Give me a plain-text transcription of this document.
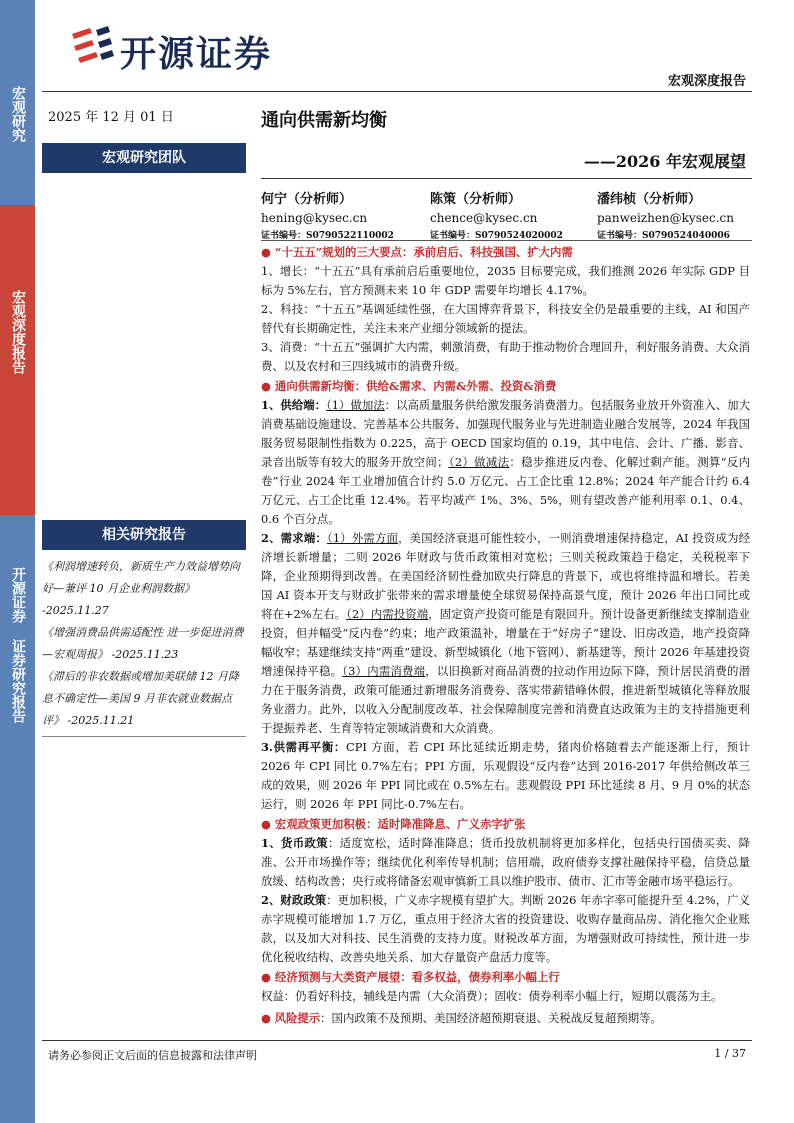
宏观研究
宏观深度报告
开源证券 证券研究报告
开源证券
宏观深度报告
2025 年 12 月 01 日
宏观研究团队
相关研究报告
《利润增速转负，新质生产力效益增势向好—兼评 10 月企业利润数据》
-2025.11.27
《增强消费品供需适配性 进一步促进消费—宏观周报》 -2025.11.23
《滞后的非农数据或增加美联储 12 月降息不确定性—美国 9 月非农就业数据点评》 -2025.11.21
通向供需新均衡
——2026 年宏观展望
何宁（分析师）
hening@kysec.cn
证书编号：S0790522110002
陈策（分析师）
chence@kysec.cn
证书编号：S0790524020002
潘纬桢（分析师）
panweizhen@kysec.cn
证书编号：S0790524040006

● “十五五”规划的三大要点：承前启后、科技强国、扩大内需

1、增长：“十五五”具有承前启后重要地位，2035 目标要完成，我们推测 2026 年实际 GDP 目标为 5%左右，官方预测未来 10 年 GDP 需要年均增长 4.17%。

2、科技：“十五五”基调延续性强，在大国博弈背景下，科技安全仍是最重要的主线，AI 和国产替代有长期确定性，关注未来产业细分领域新的提法。

3、消费：“十五五”强调扩大内需，刺激消费，有助于推动物价合理回升，利好服务消费、大众消费、以及农村和三四线城市的消费升级。

● 通向供需新均衡：供给&需求、内需&外需、投资&消费

1、供给端：（1）做加法：以高质量服务供给激发服务消费潜力。包括服务业放开外资准入、加大消费基础设施建设、完善基本公共服务、加强现代服务业与先进制造业融合发展等，2024 年我国服务贸易限制性指数为 0.225，高于 OECD 国家均值的 0.19，其中电信、会计、广播、影音、录音出版等有较大的服务开放空间；（2）做减法：稳步推进反内卷、化解过剩产能。测算“反内卷”行业 2024 年工业增加值合计约 5.0 万亿元、占工企比重 12.8%；2024 年产能合计约 6.4 万亿元、占工企比重 12.4%。若平均减产 1%、3%、5%，则有望改善产能利用率 0.1、0.4、0.6 个百分点。

2、需求端：（1）外需方面，美国经济衰退可能性较小，一则消费增速保持稳定，AI 投资成为经济增长新增量；二则 2026 年财政与货币政策相对宽松；三则关税政策趋于稳定，关税税率下降，企业预期得到改善。在美国经济韧性叠加欧央行降息的背景下，或也将维持温和增长。若美国 AI 资本开支与财政扩张带来的需求增量使全球贸易保持高景气度，预计 2026 年出口同比或将在+2%左右。（2）内需投资端，固定资产投资可能是有限回升。预计设备更新继续支撑制造业投资，但并幅受“反内卷”约束；地产政策温补，增量在于“好房子”建设、旧房改造，地产投资降幅收窄；基建继续支持“两重”建设、新型城镇化（地下管网）、新基建等，预计 2026 年基建投资增速保持平稳。（3）内需消费端，以旧换新对商品消费的拉动作用边际下降，预计居民消费的潜力在于服务消费，政策可能通过新增服务消费券、落实带薪错峰休假，推进新型城镇化等释放服务业潜力。此外，以收入分配制度改革、社会保障制度完善和消费直达政策为主的支持措施更利于提振养老、生育等特定领域消费和大众消费。

3.供需再平衡：CPI 方面，若 CPI 环比延续近期走势，猪肉价格随着去产能逐渐上行，预计 2026 年 CPI 同比 0.7%左右；PPI 方面，乐观假设“反内卷”达到 2016-2017 年供给侧改革三成的效果，则 2026 年 PPI 同比或在 0.5%左右。悲观假设 PPI 环比延续 8 月、9 月 0%的状态运行，则 2026 年 PPI 同比-0.7%左右。

● 宏观政策更加积极：适时降准降息、广义赤字扩张

1、货币政策：适度宽松，适时降准降息；货币投放机制将更加多样化，包括央行国债买卖、降准、公开市场操作等；继续优化利率传导机制；信用端，政府债券支撑社融保持平稳，信贷总量放缓、结构改善；央行或将储备宏观审慎新工具以维护股市、债市、汇市等金融市场平稳运行。

2、财政政策：更加积极，广义赤字规模有望扩大。判断 2026 年赤字率可能提升至 4.2%，广义赤字规模可能增加 1.7 万亿，重点用于经济大省的投资建设、收购存量商品房、消化拖欠企业账款，以及加大对科技、民生消费的支持力度。财税改革方面，为增强财政可持续性，预计进一步优化税收结构、改善央地关系、加大存量资产盘活力度等。

● 经济预测与大类资产展望：看多权益，债券利率小幅上行

权益：仍看好科技，辅线是内需（大众消费）；固收：债券利率小幅上行，短期以震荡为主。

● 风险提示：国内政策不及预期、美国经济超预期衰退、关税战反复超预期等。

请务必参阅正文后面的信息披露和法律声明	1 / 37
